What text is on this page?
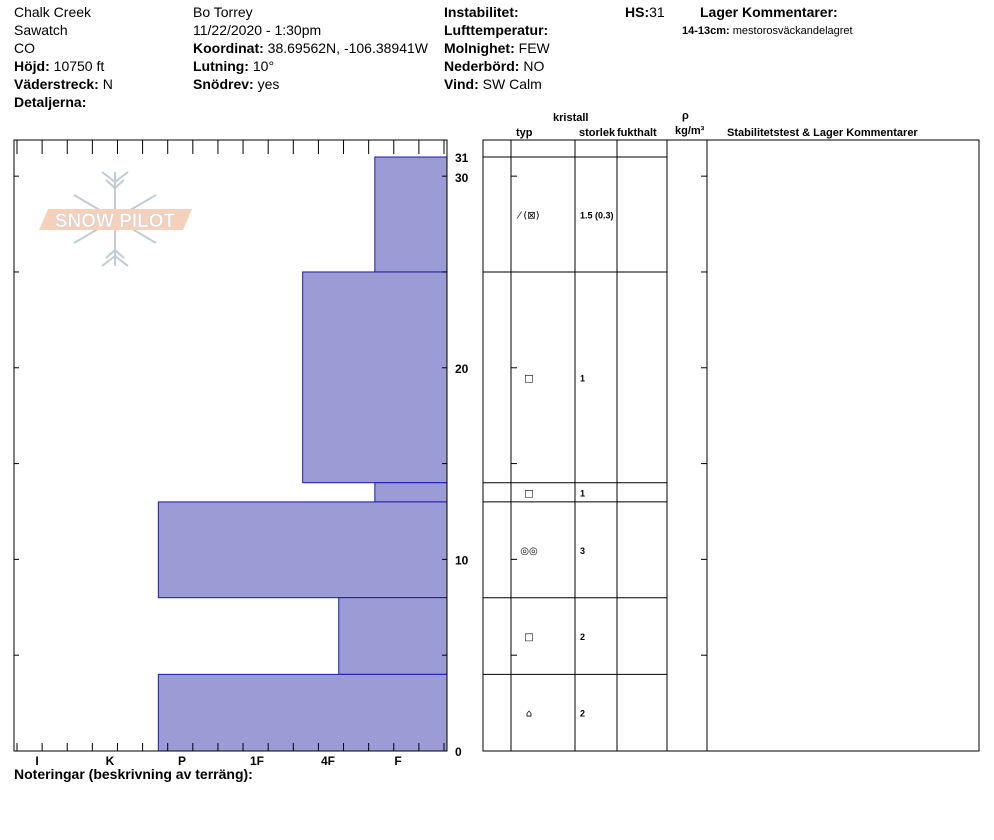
Chalk Creek
Sawatch
CO
Höjd: 10750 ft
Väderstreck: N
Detaljerna:
Bo Torrey
11/22/2020 - 1:30pm
Koordinat: 38.69562N, -106.38941W
Lutning: 10°
Snödrev: yes
Instabilitet:
Lufttemperatur:
Molnighet: FEW
Nederbörd: NO
Vind: SW Calm
HS:31	Lager Kommentarer:
14-13cm: mestorosväckandelagret
kristall
typ	storlek fukthalt
ρ
kg/m³ Stabilitetstest & Lager Kommentarer
SNOW PILOT
0
10
20
30
31
I	K	P	1F	4F	F
⁄ (⊠)	1.5 (0.3)
□	1
□	1
◎◎	3
□	2
⌂	2
Noteringar (beskrivning av terräng):
